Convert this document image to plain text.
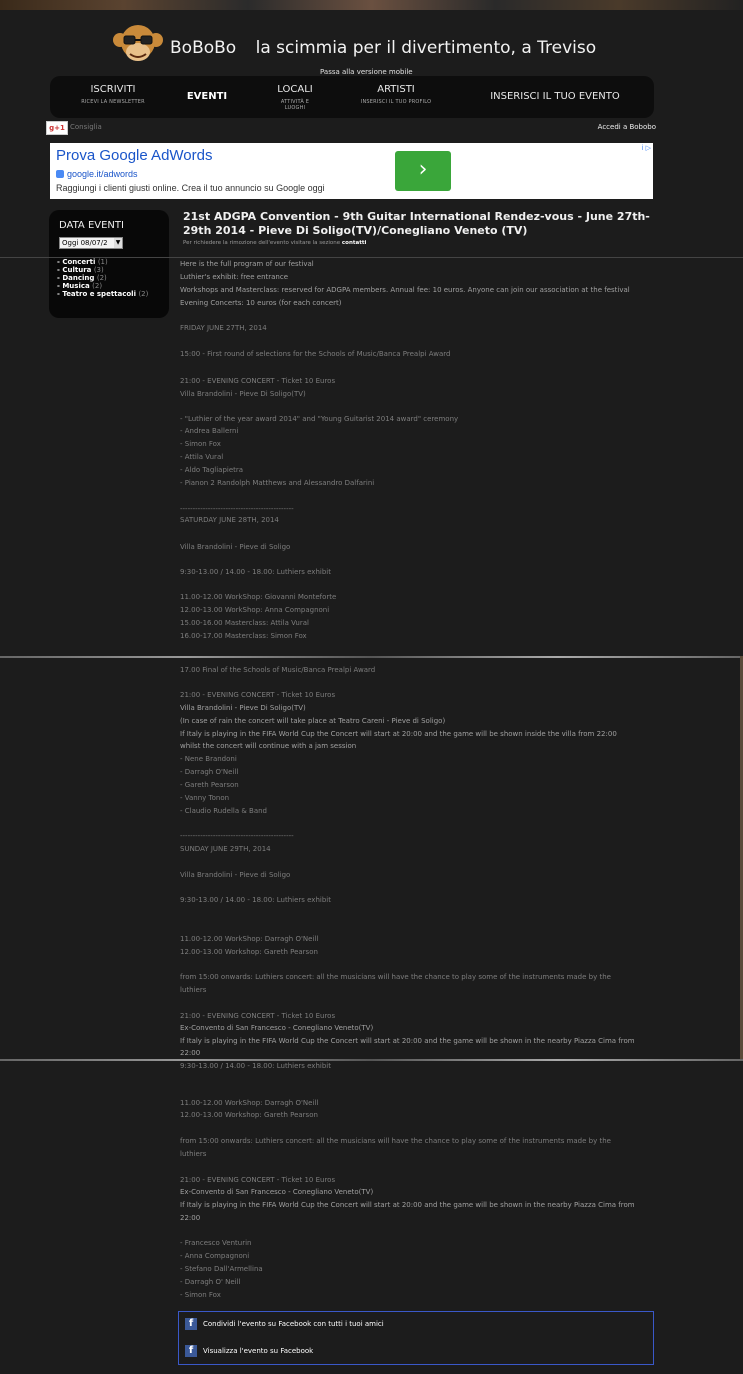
BoBoBo la scimmia per il divertimento, a Treviso
Passa alla versione mobile
ISCRIVITI
RICEVI LA NEWSLETTER	EVENTI
LOCALI
ATTIVITÀ E LUOGHI
ARTISTI
INSERISCI IL TUO PROFILO	INSERISCI IL TUO EVENTO
g+1 Consiglia	Accedi a Bobobo
Prova Google AdWords
google.it/adwords
Raggiungi i clienti giusti online. Crea il tuo annuncio su Google oggi
›
i ▷
DATA EVENTI
Oggi 08/07/2 ▼
- Concerti (1)
- Cultura (3)
- Dancing (2)
- Musica (2)
- Teatro e spettacoli (2)
21st ADGPA Convention - 9th Guitar International Rendez-vous - June 27th-29th 2014 - Pieve Di Soligo(TV)/Conegliano Veneto (TV)
Per richiedere la rimozione dell'evento visitare la sezione contatti
Here is the full program of our festival
Luthier's exhibit: free entrance
Workshops and Masterclass: reserved for ADGPA members. Annual fee: 10 euros. Anyone can join our association at the festival
Evening Concerts: 10 euros (for each concert)
FRIDAY JUNE 27TH, 2014
15:00 - First round of selections for the Schools of Music/Banca Prealpi Award
21:00 - EVENING CONCERT - Ticket 10 Euros
Villa Brandolini - Pieve Di Soligo(TV)
- "Luthier of the year award 2014" and "Young Guitarist 2014 award" ceremony
- Andrea Ballerni
- Simon Fox
- Attila Vural
- Aldo Tagliapietra
- Pianon 2 Randolph Matthews and Alessandro Dalfarini
---------------------------------------------
SATURDAY JUNE 28TH, 2014
Villa Brandolini - Pieve di Soligo
9:30-13.00 / 14.00 - 18.00: Luthiers exhibit
11.00-12.00 WorkShop: Giovanni Monteforte
12.00-13.00 WorkShop: Anna Compagnoni
15.00-16.00 Masterclass: Attila Vural
16.00-17.00 Masterclass: Simon Fox
17.00 Final of the Schools of Music/Banca Prealpi Award
21:00 - EVENING CONCERT - Ticket 10 Euros
Villa Brandolini - Pieve Di Soligo(TV)
(In case of rain the concert will take place at Teatro Careni - Pieve di Soligo)
If Italy is playing in the FIFA World Cup the Concert will start at 20:00 and the game will be shown inside the villa from 22:00
whilst the concert will continue with a jam session
- Nene Brandoni
- Darragh O'Neill
- Gareth Pearson
- Vanny Tonon
- Claudio Rudella & Band
---------------------------------------------
SUNDAY JUNE 29TH, 2014
Villa Brandolini - Pieve di Soligo
9:30-13.00 / 14.00 - 18.00: Luthiers exhibit
11.00-12.00 WorkShop: Darragh O'Neill
12.00-13.00 Workshop: Gareth Pearson
from 15:00 onwards: Luthiers concert: all the musicians will have the chance to play some of the instruments made by the
luthiers
21:00 - EVENING CONCERT - Ticket 10 Euros
Ex-Convento di San Francesco - Conegliano Veneto(TV)
If Italy is playing in the FIFA World Cup the Concert will start at 20:00 and the game will be shown in the nearby Piazza Cima from
22:00
9:30-13.00 / 14.00 - 18.00: Luthiers exhibit
11.00-12.00 WorkShop: Darragh O'Neill
12.00-13.00 Workshop: Gareth Pearson
from 15:00 onwards: Luthiers concert: all the musicians will have the chance to play some of the instruments made by the
luthiers
21:00 - EVENING CONCERT - Ticket 10 Euros
Ex-Convento di San Francesco - Conegliano Veneto(TV)
If Italy is playing in the FIFA World Cup the Concert will start at 20:00 and the game will be shown in the nearby Piazza Cima from
22:00
- Francesco Venturin
- Anna Compagnoni
- Stefano Dall'Armellina
- Darragh O' Neill
- Simon Fox
f Condividi l'evento su Facebook con tutti i tuoi amici
f Visualizza l'evento su Facebook
